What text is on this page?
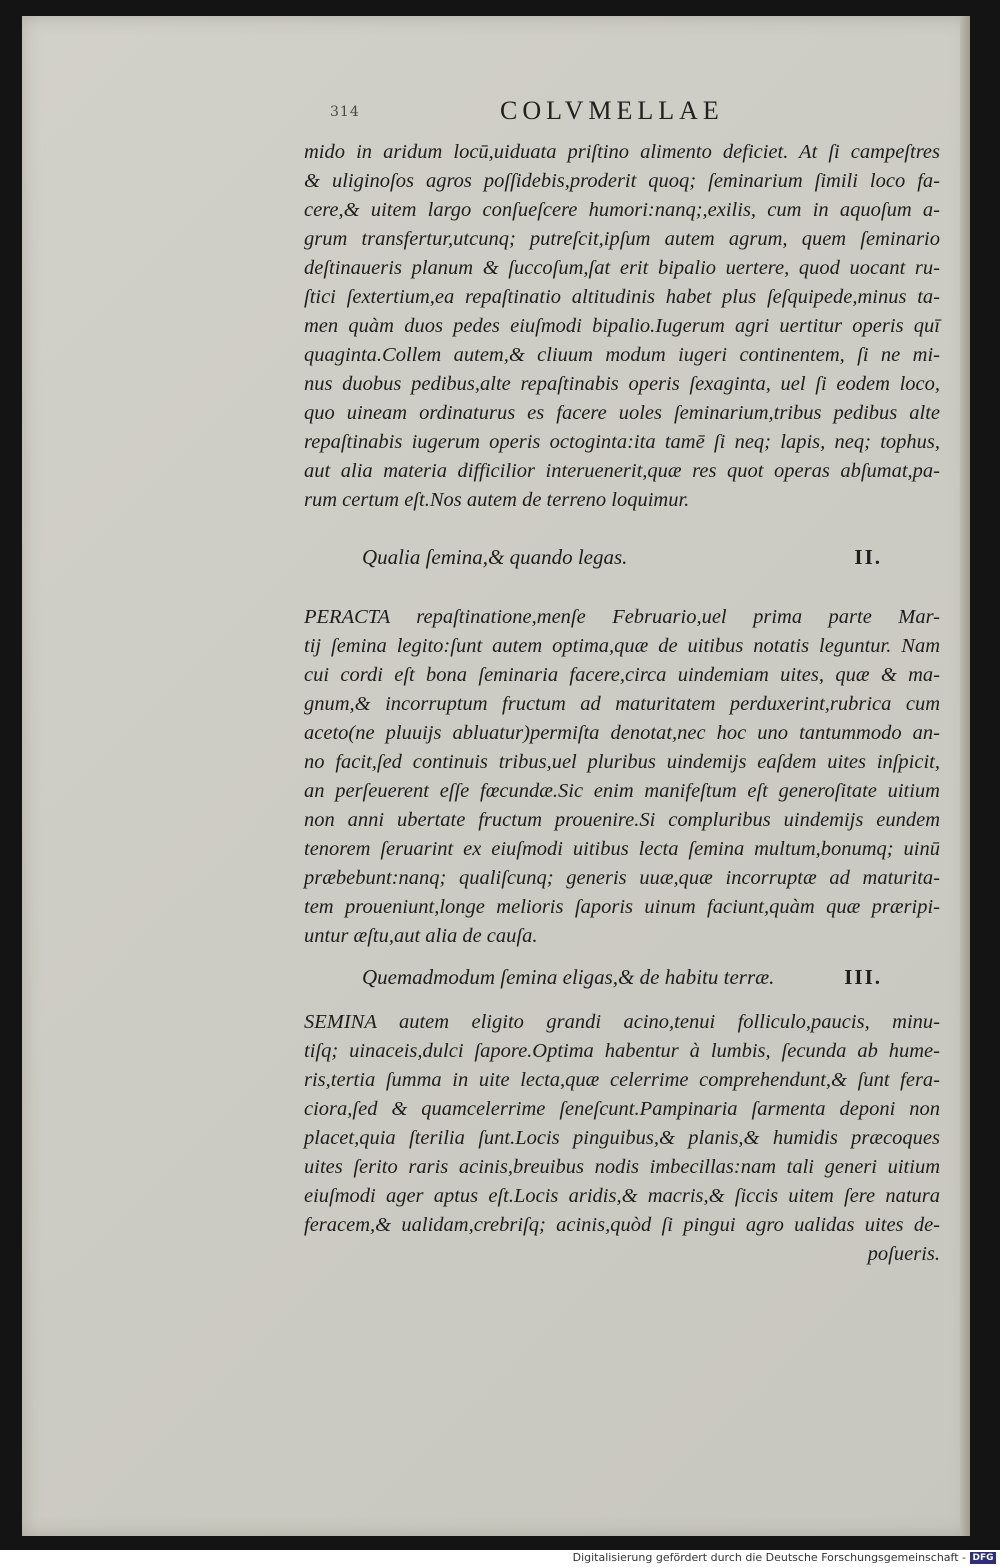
314	COLVMELLAE

mido in aridum locū,uiduata priſtino alimento deficiet. At ſi campeſtres
& uliginoſos agros poſſidebis,proderit quoq; ſeminarium ſimili loco fa-
cere,& uitem largo conſueſcere humori:nanq;,exilis, cum in aquoſum a-
grum transfertur,utcunq; putreſcit,ipſum autem agrum, quem ſeminario
deſtinaueris planum & ſuccoſum,ſat erit bipalio uertere, quod uocant ru-
ſtici ſextertium,ea repaſtinatio altitudinis habet plus ſeſquipede,minus ta-
men quàm duos pedes eiuſmodi bipalio.Iugerum agri uertitur operis quī
quaginta.Collem autem,& cliuum modum iugeri continentem, ſi ne mi-
nus duobus pedibus,alte repaſtinabis operis ſexaginta, uel ſi eodem loco,
quo uineam ordinaturus es facere uoles ſeminarium,tribus pedibus alte
repaſtinabis iugerum operis octoginta:ita tamē ſi neq; lapis, neq; tophus,
aut alia materia difficilior interuenerit,quæ res quot operas abſumat,pa-
rum certum eſt.Nos autem de terreno loquimur.

Qualia ſemina,& quando legas.	II.

PERACTA repaſtinatione,menſe Februario,uel prima parte Mar-
tij ſemina legito:ſunt autem optima,quæ de uitibus notatis leguntur. Nam
cui cordi eſt bona ſeminaria facere,circa uindemiam uites, quæ & ma-
gnum,& incorruptum fructum ad maturitatem perduxerint,rubrica cum
aceto(ne pluuijs abluatur)permiſta denotat,nec hoc uno tantummodo an-
no facit,ſed continuis tribus,uel pluribus uindemijs eaſdem uites inſpicit,
an perſeuerent eſſe fœcundæ.Sic enim manifeſtum eſt generoſitate uitium
non anni ubertate fructum prouenire.Si compluribus uindemijs eundem
tenorem ſeruarint ex eiuſmodi uitibus lecta ſemina multum,bonumq; uinū
præbebunt:nanq; qualiſcunq; generis uuæ,quæ incorruptæ ad maturita-
tem proueniunt,longe melioris ſaporis uinum faciunt,quàm quæ præripi-
untur æſtu,aut alia de cauſa.

Quemadmodum ſemina eligas,& de habitu terræ.	III.

SEMINA autem eligito grandi acino,tenui folliculo,paucis, minu-
tiſq; uinaceis,dulci ſapore.Optima habentur à lumbis, ſecunda ab hume-
ris,tertia ſumma in uite lecta,quæ celerrime comprehendunt,& ſunt fera-
ciora,ſed & quamcelerrime ſeneſcunt.Pampinaria ſarmenta deponi non
placet,quia ſterilia ſunt.Locis pinguibus,& planis,& humidis præcoques
uites ſerito raris acinis,breuibus nodis imbecillas:nam tali generi uitium
eiuſmodi ager aptus eſt.Locis aridis,& macris,& ſiccis uitem ſere natura
feracem,& ualidam,crebriſq; acinis,quòd ſi pingui agro ualidas uites de-
poſueris.

Digitalisierung gefördert durch die Deutsche Forschungsgemeinschaft - DFG
